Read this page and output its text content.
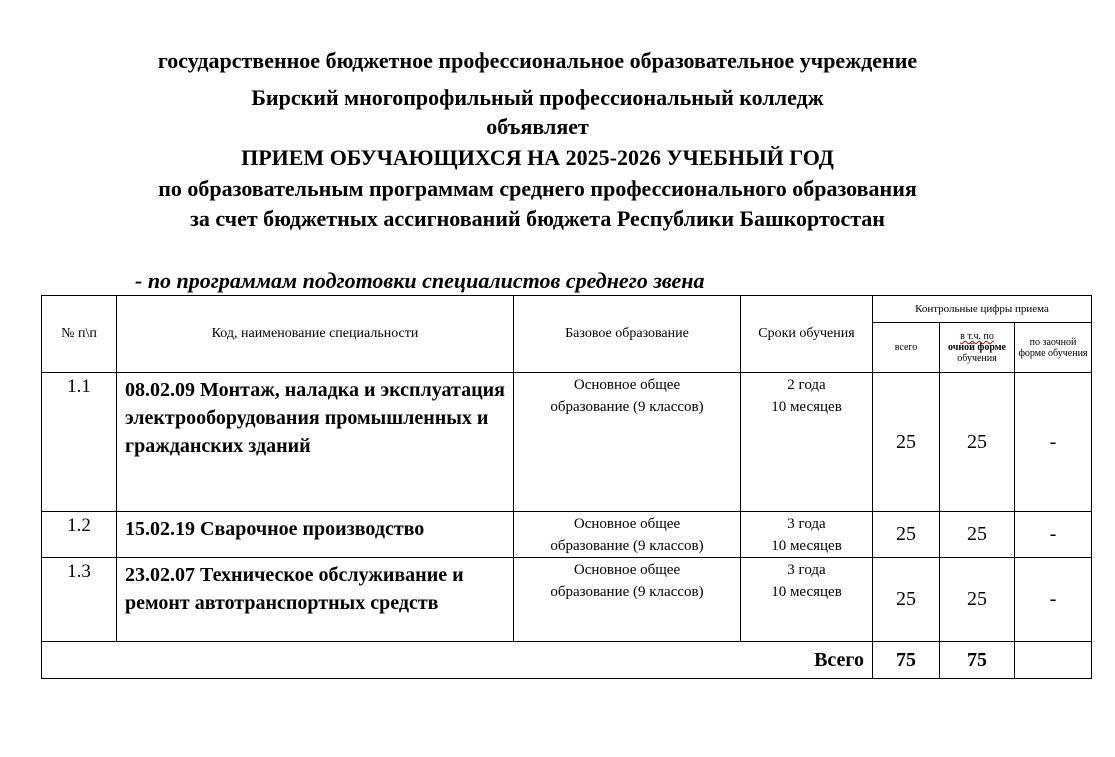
государственное бюджетное профессиональное образовательное учреждение
Бирский многопрофильный профессиональный колледж
объявляет
ПРИЕМ ОБУЧАЮЩИХСЯ НА 2025-2026 УЧЕБНЫЙ ГОД
по образовательным программам среднего профессионального образования
за счет бюджетных ассигнований бюджета Республики Башкортостан
- по программам подготовки специалистов среднего звена
№ п\п	Код, наименование специальности	Базовое образование	Сроки обучения	Контрольные цифры приема		
				всего	в т.ч. по
очной форме
обучения	по заочной форме обучения
1.1	08.02.09 Монтаж, наладка и эксплуатация электрооборудования промышленных и гражданских зданий	Основное общее
образование (9 классов)	2 года
10 месяцев	25	25	-
1.2	15.02.19 Сварочное производство	Основное общее
образование (9 классов)	3 года
10 месяцев	25	25	-
1.3	23.02.07 Техническое обслуживание и ремонт автотранспортных средств	Основное общее
образование (9 классов)	3 года
10 месяцев	25	25	-
Всего				75	75	
